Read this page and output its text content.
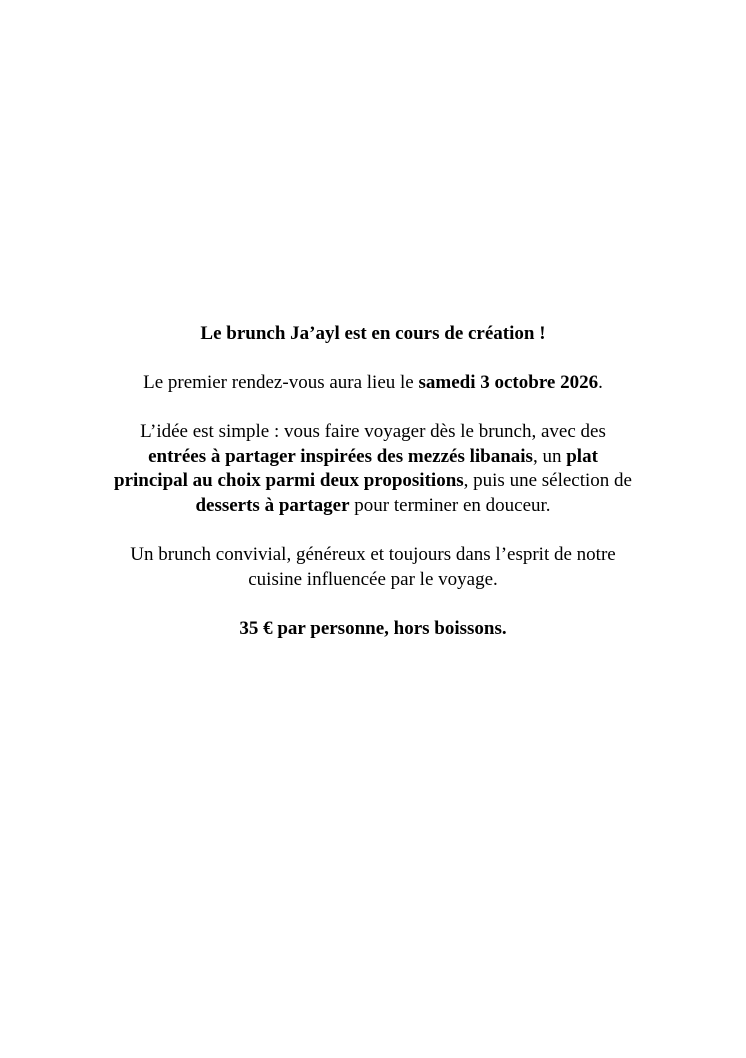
Le brunch Ja’ayl est en cours de création !

Le premier rendez-vous aura lieu le samedi 3 octobre 2026.

L’idée est simple : vous faire voyager dès le brunch, avec des entrées à partager inspirées des mezzés libanais, un plat principal au choix parmi deux propositions, puis une sélection de desserts à partager pour terminer en douceur.

Un brunch convivial, généreux et toujours dans l’esprit de notre cuisine influencée par le voyage.

35 € par personne, hors boissons.
